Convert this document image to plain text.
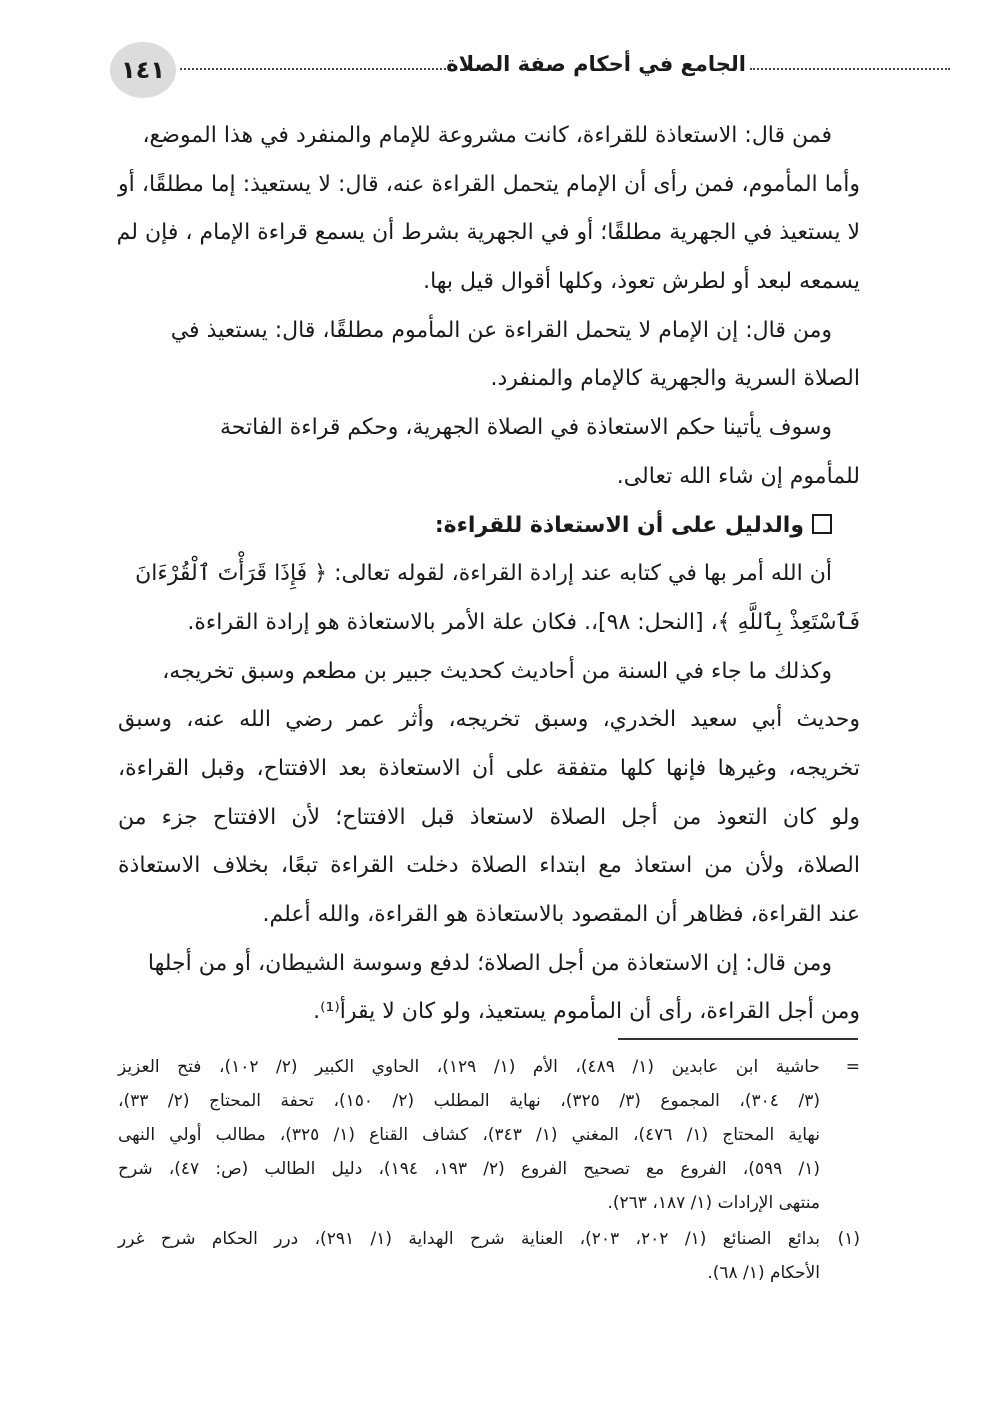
١٤١	الجامع في أحكام صفة الصلاة
فمن قال: الاستعاذة للقراءة، كانت مشروعة للإمام والمنفرد في هذا الموضع،
وأما المأموم، فمن رأى أن الإمام يتحمل القراءة عنه، قال: لا يستعيذ: إما مطلقًا، أو
لا يستعيذ في الجهرية مطلقًا؛ أو في الجهرية بشرط أن يسمع قراءة الإمام ، فإن لم
يسمعه لبعد أو لطرش تعوذ، وكلها أقوال قيل بها.
ومن قال: إن الإمام لا يتحمل القراءة عن المأموم مطلقًا، قال: يستعيذ في
الصلاة السرية والجهرية كالإمام والمنفرد.
وسوف يأتينا حكم الاستعاذة في الصلاة الجهرية، وحكم قراءة الفاتحة
للمأموم إن شاء الله تعالى.
والدليل على أن الاستعاذة للقراءة:
أن الله أمر بها في كتابه عند إرادة القراءة، لقوله تعالى: ﴿ فَإِذَا قَرَأْتَ ٱلْقُرْءَانَ
فَٱسْتَعِذْ بِٱللَّهِ ﴾، [النحل: ٩٨]،. فكان علة الأمر بالاستعاذة هو إرادة القراءة.
وكذلك ما جاء في السنة من أحاديث كحديث جبير بن مطعم وسبق تخريجه،
وحديث أبي سعيد الخدري، وسبق تخريجه، وأثر عمر رضي الله عنه، وسبق
تخريجه، وغيرها فإنها كلها متفقة على أن الاستعاذة بعد الافتتاح، وقبل القراءة،
ولو كان التعوذ من أجل الصلاة لاستعاذ قبل الافتتاح؛ لأن الافتتاح جزء من
الصلاة، ولأن من استعاذ مع ابتداء الصلاة دخلت القراءة تبعًا، بخلاف الاستعاذة
عند القراءة، فظاهر أن المقصود بالاستعاذة هو القراءة، والله أعلم.
ومن قال: إن الاستعاذة من أجل الصلاة؛ لدفع وسوسة الشيطان، أو من أجلها
ومن أجل القراءة، رأى أن المأموم يستعيذ، ولو كان لا يقرأ⁽¹⁾.
=
حاشية ابن عابدين (١/ ٤٨٩)، الأم (١/ ١٢٩)، الحاوي الكبير (٢/ ١٠٢)، فتح العزيز
(٣/ ٣٠٤)، المجموع (٣/ ٣٢٥)، نهاية المطلب (٢/ ١٥٠)، تحفة المحتاج (٢/ ٣٣)،
نهاية المحتاج (١/ ٤٧٦)، المغني (١/ ٣٤٣)، كشاف القناع (١/ ٣٢٥)، مطالب أولي النهى
(١/ ٥٩٩)، الفروع مع تصحيح الفروع (٢/ ١٩٣، ١٩٤)، دليل الطالب (ص: ٤٧)، شرح
منتهى الإرادات (١/ ١٨٧، ٢٦٣).
(١)
بدائع الصنائع (١/ ٢٠٢، ٢٠٣)، العناية شرح الهداية (١/ ٢٩١)، درر الحكام شرح غرر
الأحكام (١/ ٦٨).
